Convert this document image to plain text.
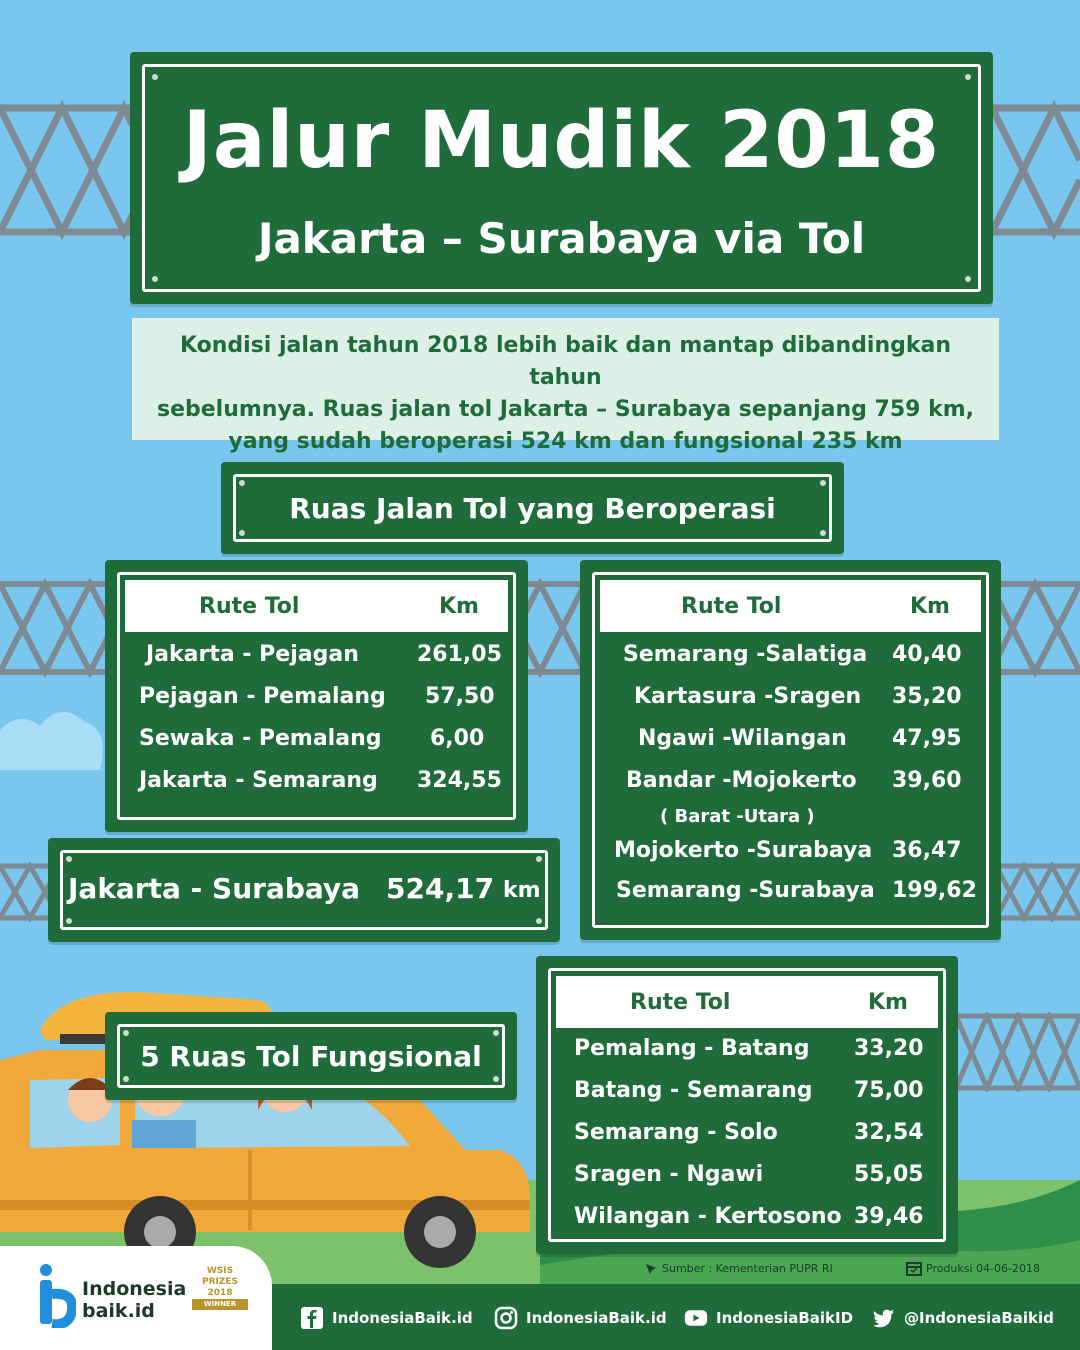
Jalur Mudik 2018
Jakarta – Surabaya via Tol
Kondisi jalan tahun 2018 lebih baik dan mantap dibandingkan tahun
sebelumnya. Ruas jalan tol Jakarta – Surabaya sepanjang 759 km,
yang sudah beroperasi 524 km dan fungsional 235 km
Ruas Jalan Tol yang Beroperasi
Rute Tol	Km
Jakarta - Pejagan	261,05
Pejagan - Pemalang 57,50
Sewaka - Pemalang 6,00
Jakarta - Semarang 324,55
Rute Tol	Km
Semarang -Salatiga 40,40
Kartasura -Sragen 35,20
Ngawi -Wilangan 47,95
Bandar -Mojokerto 39,60
( Barat -Utara )
Mojokerto -Surabaya 36,47
Semarang -Surabaya 199,62
Jakarta - Surabaya 524,17 km
5 Ruas Tol Fungsional
Rute Tol	Km
Pemalang - Batang 33,20
Batang - Semarang 75,00
Semarang - Solo	32,54
Sragen - Ngawi	55,05
Wilangan - Kertosono 39,46
Sumber : Kementerian PUPR RI	Produksi 04-06-2018
Indonesia
baik.id
WSIS
PRIZES
2018
WINNER
IndonesiaBaik.id	IndonesiaBaik.id	IndonesiaBaikID	@IndonesiaBaikid
